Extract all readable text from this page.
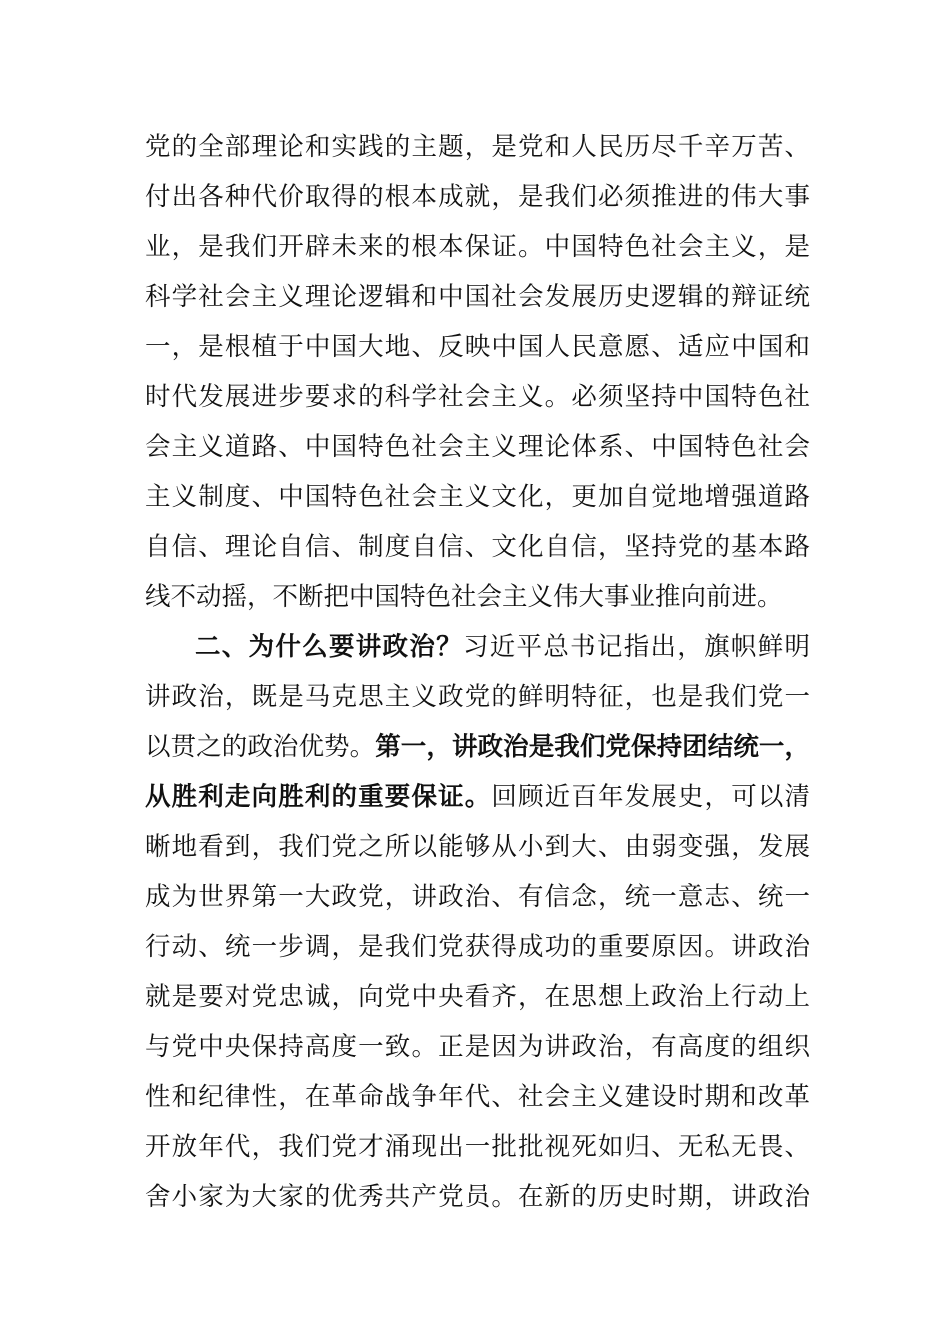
党的全部理论和实践的主题，是党和人民历尽千辛万苦、
付出各种代价取得的根本成就，是我们必须推进的伟大事
业，是我们开辟未来的根本保证。中国特色社会主义，是
科学社会主义理论逻辑和中国社会发展历史逻辑的辩证统
一，是根植于中国大地、反映中国人民意愿、适应中国和
时代发展进步要求的科学社会主义。必须坚持中国特色社
会主义道路、中国特色社会主义理论体系、中国特色社会
主义制度、中国特色社会主义文化，更加自觉地增强道路
自信、理论自信、制度自信、文化自信，坚持党的基本路
线不动摇，不断把中国特色社会主义伟大事业推向前进。
二、为什么要讲政治？习近平总书记指出，旗帜鲜明
讲政治，既是马克思主义政党的鲜明特征，也是我们党一
以贯之的政治优势。第一，讲政治是我们党保持团结统一，
从胜利走向胜利的重要保证。回顾近百年发展史，可以清
晰地看到，我们党之所以能够从小到大、由弱变强，发展
成为世界第一大政党，讲政治、有信念，统一意志、统一
行动、统一步调，是我们党获得成功的重要原因。讲政治
就是要对党忠诚，向党中央看齐，在思想上政治上行动上
与党中央保持高度一致。正是因为讲政治，有高度的组织
性和纪律性，在革命战争年代、社会主义建设时期和改革
开放年代，我们党才涌现出一批批视死如归、无私无畏、
舍小家为大家的优秀共产党员。在新的历史时期，讲政治
